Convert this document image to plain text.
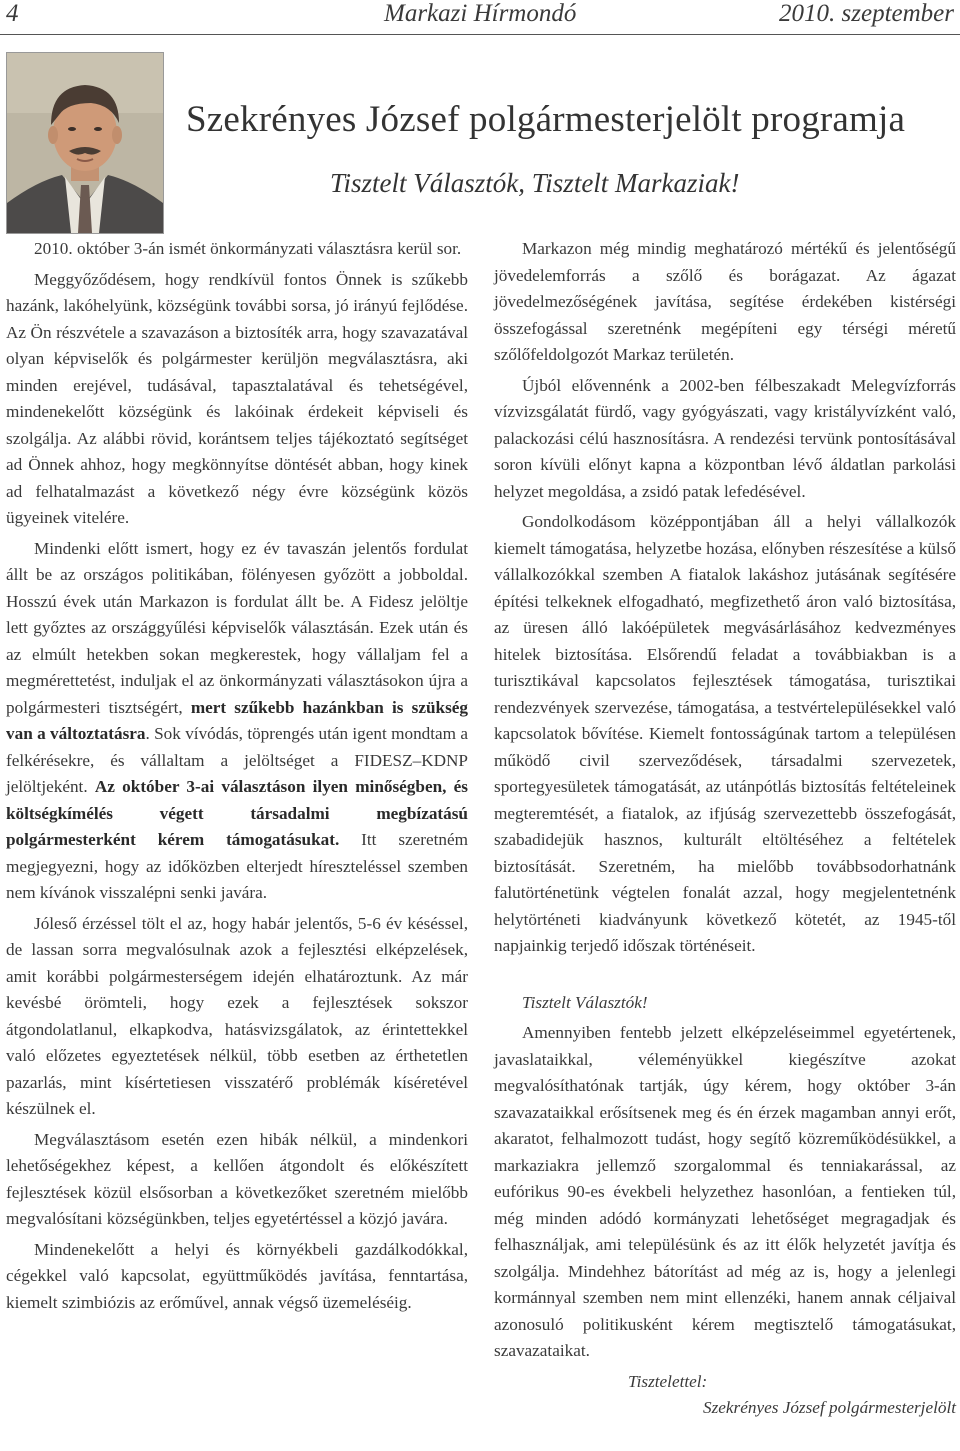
4	Markazi Hírmondó	2010. szeptember
Szekrényes József polgármesterjelölt programja
Tisztelt Választók, Tisztelt Markaziak!

2010. október 3-án ismét önkormányzati választásra kerül sor.

Meggyőződésem, hogy rendkívül fontos Önnek is szűkebb hazánk, lakóhelyünk, községünk további sorsa, jó irányú fejlődése. Az Ön részvétele a szavazáson a biztosíték arra, hogy szavazatával olyan képviselők és polgármester kerüljön megválasztásra, aki minden erejével, tudásával, tapasztalatával és tehetségével, mindenekelőtt községünk és lakóinak érdekeit képviseli és szolgálja. Az alábbi rövid, korántsem teljes tájékoztató segítséget ad Önnek ahhoz, hogy megkönnyítse döntését abban, hogy kinek ad felhatalmazást a következő négy évre községünk közös ügyeinek vitelére.

Mindenki előtt ismert, hogy ez év tavaszán jelentős fordulat állt be az országos politikában, fölényesen győzött a jobboldal. Hosszú évek után Markazon is fordulat állt be. A Fidesz jelöltje lett győztes az országgyűlési képviselők választásán. Ezek után és az elmúlt hetekben sokan megkerestek, hogy vállaljam fel a megmérettetést, induljak el az önkormányzati választásokon újra a polgármesteri tisztségért, mert szűkebb hazánkban is szükség van a változtatásra. Sok vívódás, töprengés után igent mondtam a felkérésekre, és vállaltam a jelöltséget a FIDESZ–KDNP jelöltjeként. Az október 3-ai választáson ilyen minőségben, és költségkímélés végett társadalmi megbízatású polgármesterként kérem támogatásukat. Itt szeretném megjegyezni, hogy az időközben elterjedt híreszteléssel szemben nem kívánok visszalépni senki javára.

Jóleső érzéssel tölt el az, hogy habár jelentős, 5-6 év késéssel, de lassan sorra megvalósulnak azok a fejlesztési elképzelések, amit korábbi polgármesterségem idején elhatároztunk. Az már kevésbé örömteli, hogy ezek a fejlesztések sokszor átgondolatlanul, elkapkodva, hatásvizsgálatok, az érintettekkel való előzetes egyeztetések nélkül, több esetben az érthetetlen pazarlás, mint kísértetiesen visszatérő problémák kíséretével készülnek el.

Megválasztásom esetén ezen hibák nélkül, a mindenkori lehetőségekhez képest, a kellően átgondolt és előkészített fejlesztések közül elsősorban a következőket szeretném mielőbb megvalósítani községünkben, teljes egyetértéssel a közjó javára.

Mindenekelőtt a helyi és környékbeli gazdálkodókkal, cégekkel való kapcsolat, együttműködés javítása, fenntartása, kiemelt szimbiózis az erőművel, annak végső üzemeléséig.

Markazon még mindig meghatározó mértékű és jelentőségű jövedelemforrás a szőlő és borágazat. Az ágazat jövedelmezőségének javítása, segítése érdekében kistérségi összefogással szeretnénk megépíteni egy térségi méretű szőlőfeldolgozót Markaz területén.

Újból elővennénk a 2002-ben félbeszakadt Melegvízforrás vízvizsgálatát fürdő, vagy gyógyászati, vagy kristályvízként való, palackozási célú hasznosításra. A rendezési tervünk pontosításával soron kívüli előnyt kapna a központban lévő áldatlan parkolási helyzet megoldása, a zsidó patak lefedésével.

Gondolkodásom középpontjában áll a helyi vállalkozók kiemelt támogatása, helyzetbe hozása, előnyben részesítése a külső vállalkozókkal szemben A fiatalok lakáshoz jutásának segítésére építési telkeknek elfogadható, megfizethető áron való biztosítása, az üresen álló lakóépületek megvásárlásához kedvezményes hitelek biztosítása. Elsőrendű feladat a továbbiakban is a turisztikával kapcsolatos fejlesztések támogatása, turisztikai rendezvények szervezése, támogatása, a testvértelepülésekkel való kapcsolatok bővítése. Kiemelt fontosságúnak tartom a településen működő civil szerveződések, társadalmi szervezetek, sportegyesületek támogatását, az utánpótlás biztosítás feltételeinek megteremtését, a fiatalok, az ifjúság szervezettebb összefogását, szabadidejük hasznos, kulturált eltöltéséhez a feltételek biztosítását. Szeretném, ha mielőbb továbbsodorhatnánk falutörténetünk végtelen fonalát azzal, hogy megjelentetnénk helytörténeti kiadványunk következő kötetét, az 1945-től napjainkig terjedő időszak történéseit.

Tisztelt Választók!

Amennyiben fentebb jelzett elképzeléseimmel egyetértenek, javaslataikkal, véleményükkel kiegészítve azokat megvalósíthatónak tartják, úgy kérem, hogy október 3-án szavazataikkal erősítsenek meg és én érzek magamban annyi erőt, akaratot, felhalmozott tudást, hogy segítő közreműködésükkel, a markaziakra jellemző szorgalommal és tenniakarással, az eufórikus 90-es évekbeli helyzethez hasonlóan, a fentieken túl, még minden adódó kormányzati lehetőséget megragadjak és felhasználjak, ami településünk és az itt élők helyzetét javítja és szolgálja. Mindehhez bátorítást ad még az is, hogy a jelenlegi kormánnyal szemben nem mint ellenzéki, hanem annak céljaival azonosuló politikusként kérem megtisztelő támogatásukat, szavazataikat.

Tisztelettel:

Szekrényes József polgármesterjelölt
